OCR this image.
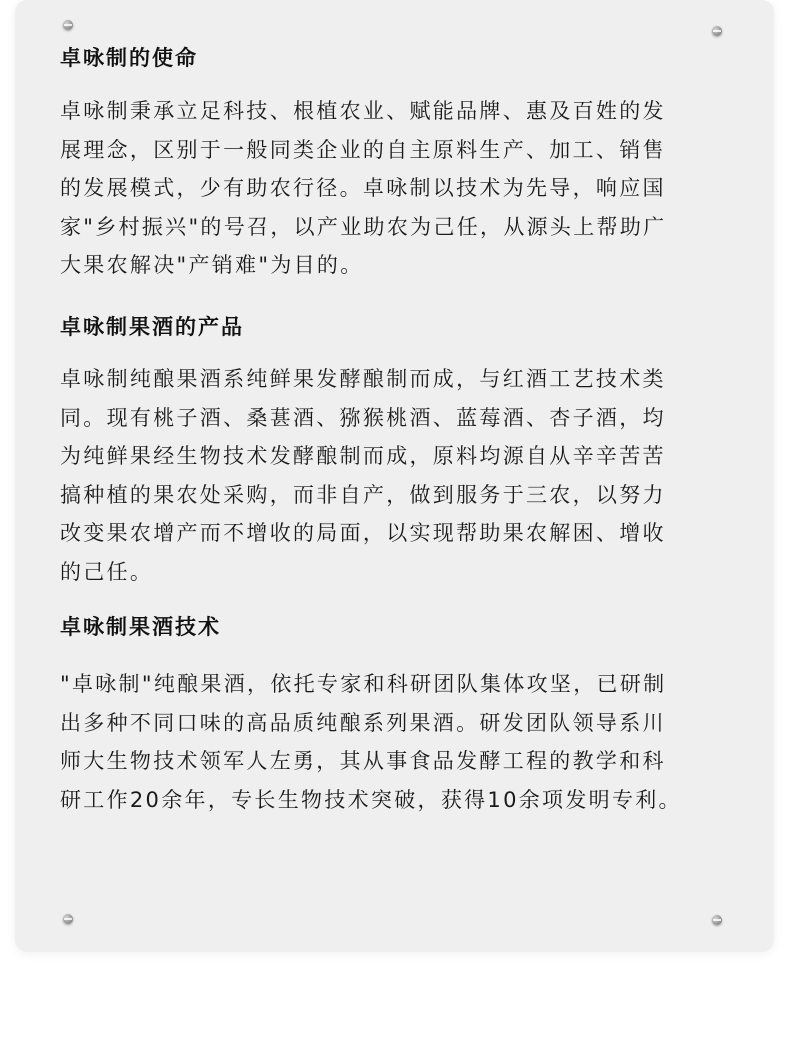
卓咏制的使命

卓咏制秉承立足科技、根植农业、赋能品牌、惠及百姓的发
展理念，区别于一般同类企业的自主原料生产、加工、销售
的发展模式，少有助农行径。卓咏制以技术为先导，响应国
家"乡村振兴"的号召，以产业助农为己任，从源头上帮助广
大果农解决"产销难"为目的。

卓咏制果酒的产品

卓咏制纯酿果酒系纯鲜果发酵酿制而成，与红酒工艺技术类
同。现有桃子酒、桑葚酒、猕猴桃酒、蓝莓酒、杏子酒，均
为纯鲜果经生物技术发酵酿制而成，原料均源自从辛辛苦苦
搞种植的果农处采购，而非自产，做到服务于三农，以努力
改变果农增产而不增收的局面，以实现帮助果农解困、增收
的己任。

卓咏制果酒技术

"卓咏制"纯酿果酒，依托专家和科研团队集体攻坚，已研制
出多种不同口味的高品质纯酿系列果酒。研发团队领导系川
师大生物技术领军人左勇，其从事食品发酵工程的教学和科
研工作20余年，专长生物技术突破，获得10余项发明专利。
